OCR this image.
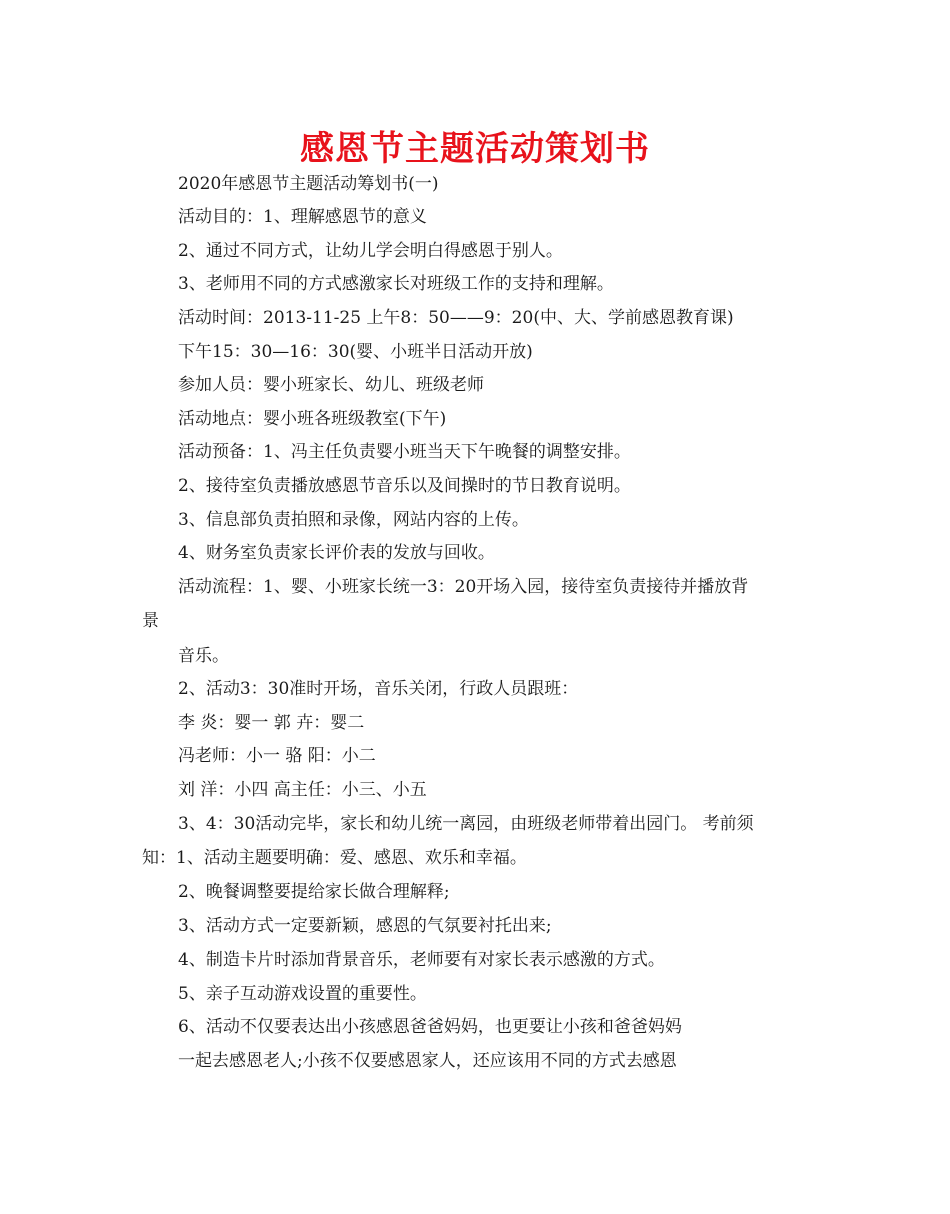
感恩节主题活动策划书
2020年感恩节主题活动筹划书(一)
活动目的：1、理解感恩节的意义
2、通过不同方式，让幼儿学会明白得感恩于别人。
3、老师用不同的方式感激家长对班级工作的支持和理解。
活动时间：2013-11-25 上午8：50——9：20(中、大、学前感恩教育课)
下午15：30—16：30(婴、小班半日活动开放)
参加人员：婴小班家长、幼儿、班级老师
活动地点：婴小班各班级教室(下午)
活动预备：1、冯主任负责婴小班当天下午晚餐的调整安排。
2、接待室负责播放感恩节音乐以及间操时的节日教育说明。
3、信息部负责拍照和录像，网站内容的上传。
4、财务室负责家长评价表的发放与回收。
活动流程：1、婴、小班家长统一3：20开场入园，接待室负责接待并播放背
景
音乐。
2、活动3：30准时开场，音乐关闭，行政人员跟班：
李 炎：婴一 郭 卉：婴二
冯老师：小一 骆 阳：小二
刘 洋：小四 高主任：小三、小五
3、4：30活动完毕，家长和幼儿统一离园，由班级老师带着出园门。 考前须
知：1、活动主题要明确：爱、感恩、欢乐和幸福。
2、晚餐调整要提给家长做合理解释;
3、活动方式一定要新颖，感恩的气氛要衬托出来;
4、制造卡片时添加背景音乐，老师要有对家长表示感激的方式。
5、亲子互动游戏设置的重要性。
6、活动不仅要表达出小孩感恩爸爸妈妈，也更要让小孩和爸爸妈妈
一起去感恩老人;小孩不仅要感恩家人，还应该用不同的方式去感恩
